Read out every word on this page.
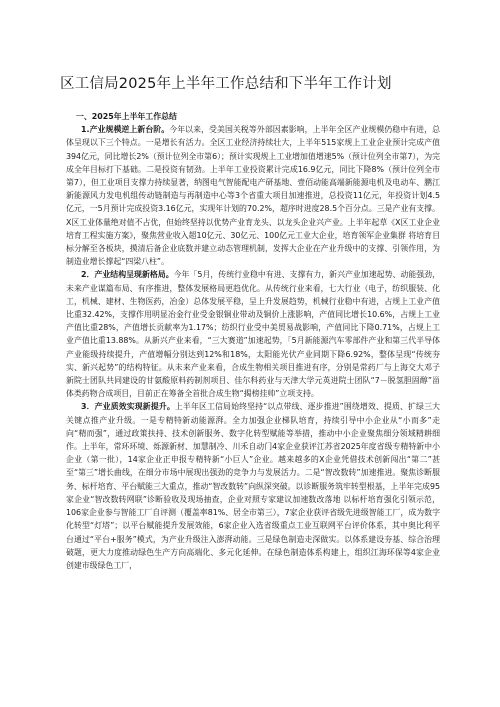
区工信局2025年上半年工作总结和下半年工作计划

一、2025年上半年工作总结

1.产业规模逆上新台阶。今年以来，受美国关税等外部因素影响，上半年全区产业规模仍稳中有进，总体呈现以下三个特点。一是增长有活力。全区工业经济持续壮大，上半年515家规上工业企业预计完成产值394亿元，同比增长2%（预计位列全市第6）；预计实现规上工业增加值增速5%（预计位列全市第7），为完成全年目标打下基础。二是投资有韧劲。上半年工业投资累计完成16.9亿元，同比下降8%（预计位列全市第7），但工业项目支撑力持续显著，纳图电气智能配电产研基地、壹佰动能高端新能源电机及电动车、鹏江新能源风力发电机组传动链制造与再制造中心等3个省重大项目加速推进，总投资11亿元，年投资计划4.5亿元，一5月预计完成投资3.16亿元，实现年计划的70.2%，超序时进度28.5个百分点。三是产业有支撑。X区工业体量绝对值不占优，但始终坚持以优势产业育龙头、以龙头企业兴产业。上半年起草《X区工业企业培育工程实施方案》，聚焦营业收入超10亿元、30亿元、100亿元工业大企业，培育领军企业集群 将培育目标分解至各板块，摸清后备企业底数并建立动态管理机制，发挥大企业在产业升级中的支撑、引领作用，为制造业增长撑起“四梁八柱”。

2．产业结构呈现新格局。今年「5月，传统行业稳中有进、支撑有力，新兴产业加速起势、动能强劲，未来产业谋篇布局、有序推进，整体发展格局更趋优化。从传统行业来看，七大行业（电子，纺织服装、化工，机械、建材、生物医药，冶金）总体发展平稳，呈上升发展趋势，机械行业稳中有进，占规上工业产值比重32.42%，支撑作用明显冶金行业受金银铜业带动及铜价上涨影响，产值同比增长10.6%，占规上工业产值比重28%，产值增长贡献率为1.17%；纺织行业受中美贸易战影响，产值同比下降0.71%，占规上工业产值比重13.88%。从新兴产业来看，“三大赛道”加速起势，「5月新能源汽车零部件产业和第三代半导体产业能级持续提升，产值增幅分别达到12%和18%，太阳能光伏产业同期下降6.92%，整体呈现“传统夯实、新兴起势”的结构特征。从未来产业来看，合成生物相关项目推进有序，分别是常药厂与上海交大邓子新院士团队共同建设的甘氨酸原料药制剂项目、佳尔科药业与天津大学元英进院士团队“7－脱氢胆固醇”甾体类药物合成项目，目前正在筹备全首批合成生物“揭榜挂帅”立项支持。

3．产业质效实现新提升。上半年区工信局始终坚持“以点带线、逐步推进”围绕增效、提质、扩绿三大关键点推产业升级。一是专精特新动能源湃。全力加强企业梯队培育，持续引导中小企业从“小而多”走向“精而强”，通过政策扶持、技术创新服务、数字化转型赋能等举措，推动中小企业聚焦细分领域精耕细作。上半年，常环环境、烁源新材、加慧制冷、川禾自动门4家企业获评江苏省2025年度省级专精特新中小企业（第一批），14家企业正申报专精特新“小巨人”企业。越来越多的X企业凭借技术创新闯出“第二”甚至“第三”增长曲线，在细分市场中展现出强劲的竞争力与发展活力。二是“智改数转”加速推进。聚焦诊断服务、标杆培育、平台赋能三大重点，推动“智改数转”向纵深突破。以诊断服务筑牢转型根基，上半年完成95家企业“智改数转网联”诊断验收及现场抽查，企业对照专家建议加速数改落地 以标杆培育强化引领示范，106家企业参与智能工厂自评测（覆盖率81%、居全市第三），7家企业获评省级先进级智能工厂，成为数字化转型“灯塔”；以平台赋能提升发展效能，6家企业入选省级重点工业互联网平台评价体系，其中奥比利平台通过“平台+服务”模式，为产业升级注入澎湃动能。三是绿色制造走深做实。以体系建设夯基、综合治理破题，更大力度推动绿色生产方向高端化、多元化延伸。在绿色制造体系构建上，组织江海环保等4家企业创建市级绿色工厂，
